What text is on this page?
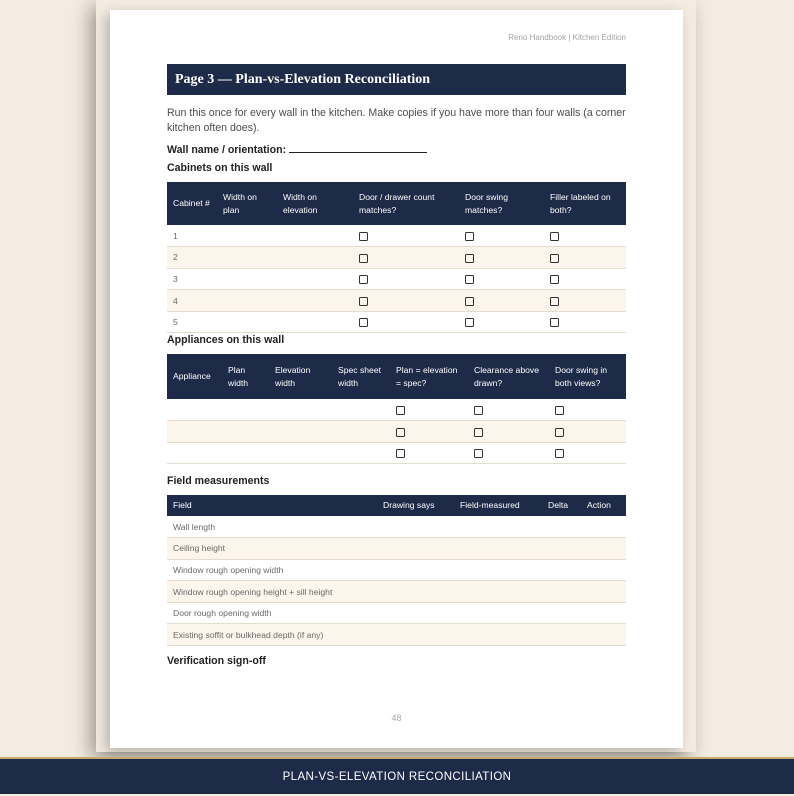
Reno Handbook | Kitchen Edition
Page 3 — Plan-vs-Elevation Reconciliation
Run this once for every wall in the kitchen. Make copies if you have more than four walls (a corner kitchen often does).
Wall name / orientation:
Cabinets on this wall
Cabinet #	Width on plan	Width on elevation	Door / drawer count matches?	Door swing matches?	Filler labeled on both?
1					
2					
3					
4					
5					
Appliances on this wall
Appliance	Plan width	Elevation width	Spec sheet width	Plan = elevation = spec?	Clearance above drawn?	Door swing in both views?

Field measurements
Field	Drawing says	Field-measured	Delta	Action
Wall length				
Ceiling height				
Window rough opening width				
Window rough opening height + sill height				
Door rough opening width				
Existing soffit or bulkhead depth (if any)				
Verification sign-off
48
PLAN-VS-ELEVATION RECONCILIATION
